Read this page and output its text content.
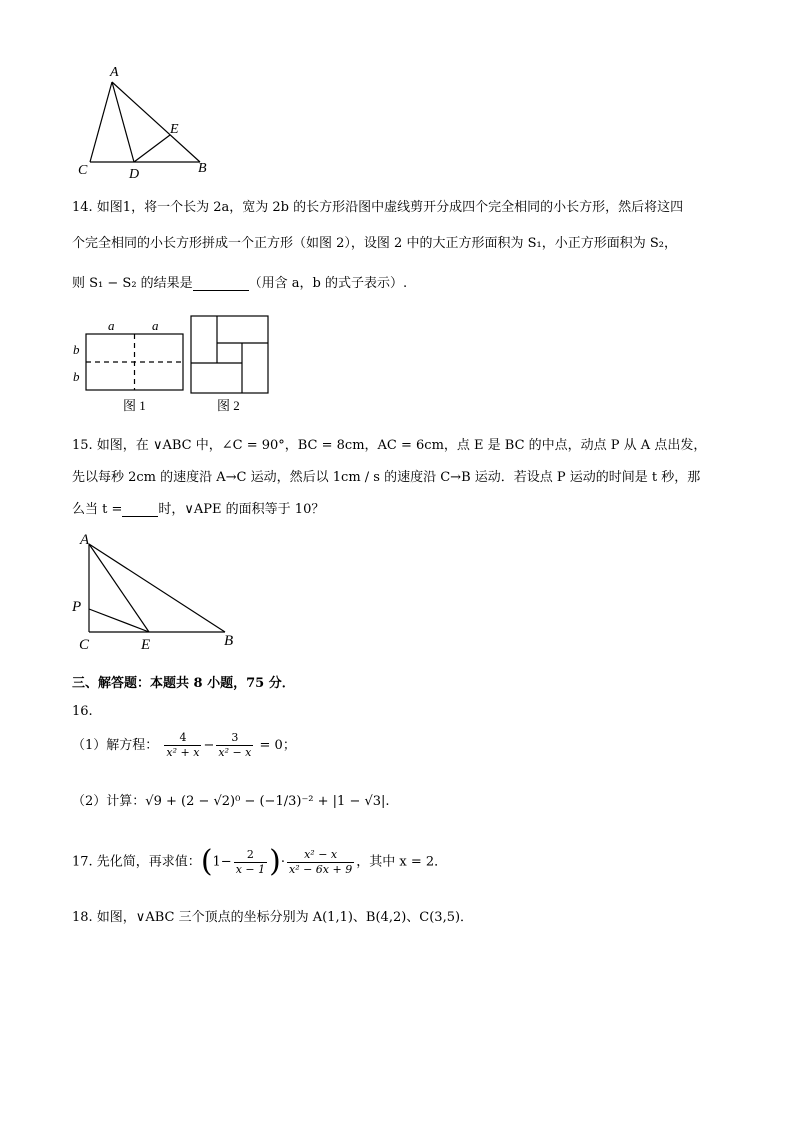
A
C	D
E
B
14. 如图1，将一个长为 2a，宽为 2b 的长方形沿图中虚线剪开分成四个完全相同的小长方形，然后将这四
个完全相同的小长方形拼成一个正方形（如图 2），设图 2 中的大正方形面积为 S₁，小正方形面积为 S₂，
则 S₁ − S₂ 的结果是	（用含 a，b 的式子表示）.
a	a
b
b
图 1	图 2
15. 如图，在 ∨ABC 中，∠C = 90°，BC = 8cm，AC = 6cm，点 E 是 BC 的中点，动点 P 从 A 点出发，
先以每秒 2cm 的速度沿 A→C 运动，然后以 1cm / s 的速度沿 C→B 运动．若设点 P 运动的时间是 t 秒，那
么当 t =	时，∨APE 的面积等于 10？
A
P
C	E	B
三、解答题：本题共 8 小题，75 分．
16.
（1）解方程： $\frac{4}{\text{x² + x}} - \frac{3}{\text{x² − x}} = 0$；
（2）计算：√9 + (2 − √2)⁰ − (−1/3)⁻² + |1 − √3|.
17. 先化简，再求值：($1- \frac{2}{x - 1}$ )· $\frac{\text{x² − x}}{\text{x² − 6x + 9}}$ ，其中 x = 2．
18. 如图，∨ABC 三个顶点的坐标分别为 A(1,1)、B(4,2)、C(3,5)．
